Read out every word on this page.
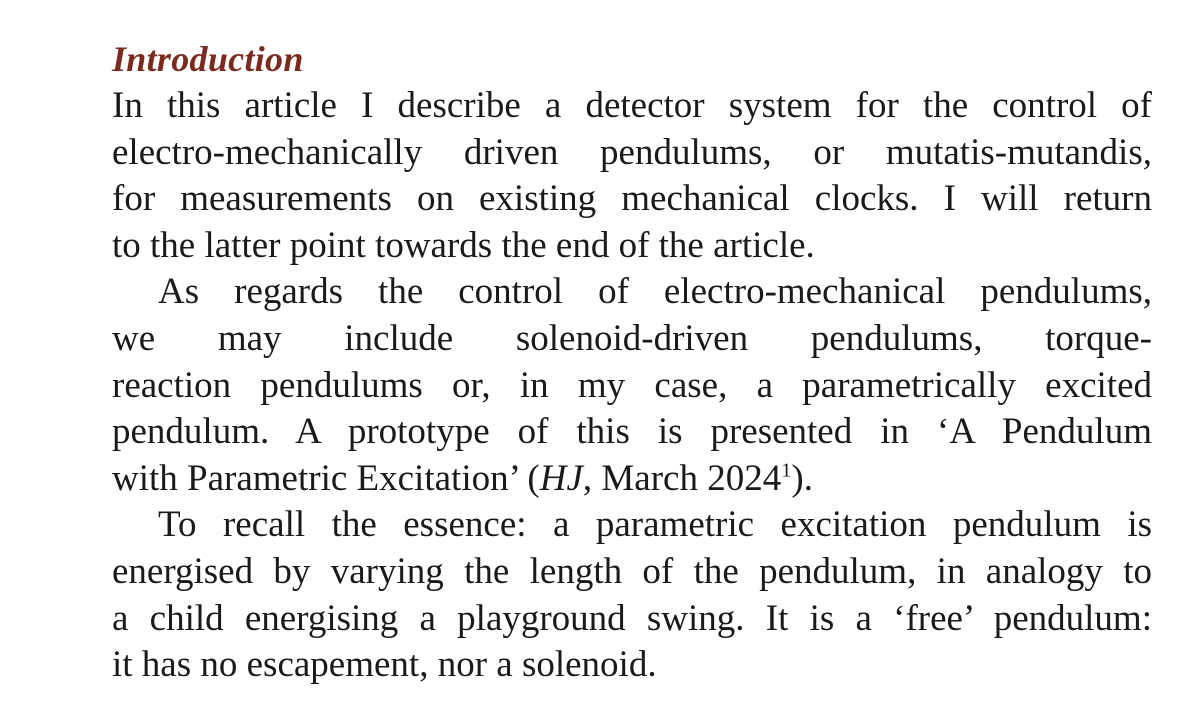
Introduction
In this article I describe a detector system for the control of
electro-mechanically driven pendulums, or mutatis-mutandis,
for measurements on existing mechanical clocks. I will return
to the latter point towards the end of the article.
As regards the control of electro-mechanical pendulums,
we may include solenoid-driven pendulums, torque-
reaction pendulums or, in my case, a parametrically excited
pendulum. A prototype of this is presented in ‘A Pendulum
with Parametric Excitation’ (HJ, March 2024$^1$).
To recall the essence: a parametric excitation pendulum is
energised by varying the length of the pendulum, in analogy to
a child energising a playground swing. It is a ‘free’ pendulum:
it has no escapement, nor a solenoid.
